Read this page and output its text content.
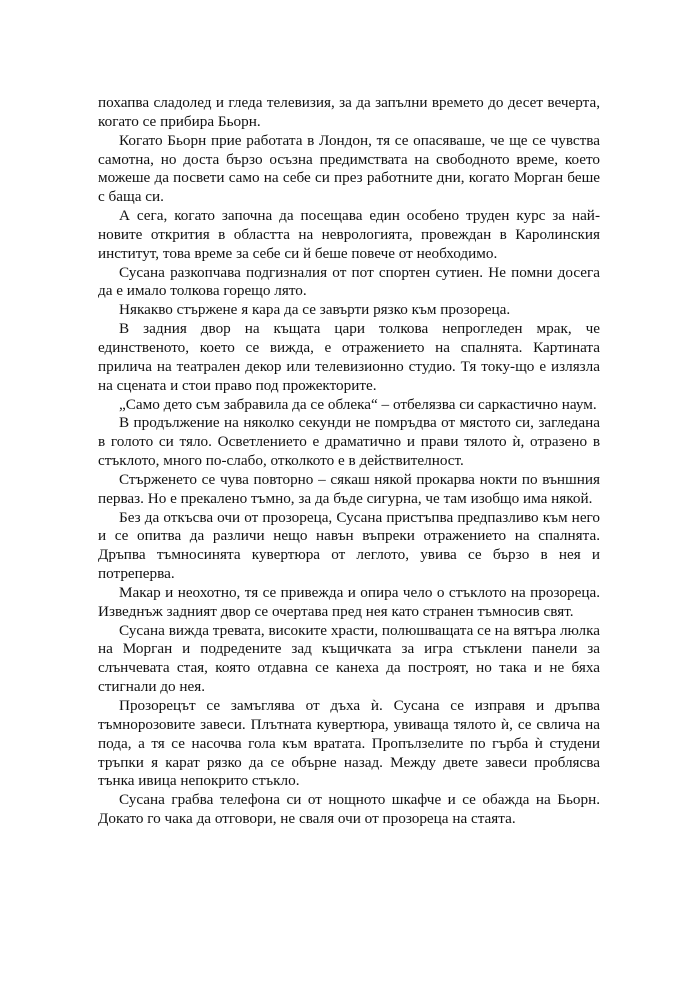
похапва сладолед и гледа телевизия, за да запълни времето до десет вечерта, когато се прибира Бьорн.

Когато Бьорн прие работата в Лондон, тя се опасяваше, че ще се чувства самотна, но доста бързо осъзна предимствата на свободното време, което можеше да посвети само на себе си през работните дни, когато Морган беше с баща си.

А сега, когато започна да посещава един особено труден курс за най-новите открития в областта на неврологията, провеждан в Каролинския институт, това време за себе си й беше повече от необходимо.

Сусана разкопчава подгизналия от пот спортен сутиен. Не помни досега да е имало толкова горещо лято.

Някакво стържене я кара да се завърти рязко към прозореца.

В задния двор на къщата цари толкова непрогледен мрак, че единственото, което се вижда, е отражението на спалнята. Картината прилича на театрален декор или телевизионно студио. Тя току-що е излязла на сцената и стои право под прожекторите.

„Само дето съм забравила да се облека“ – отбелязва си саркастично наум.

В продължение на няколко секунди не помръдва от мястото си, загледана в голото си тяло. Осветлението е драматично и прави тялото ѝ, отразено в стъклото, много по-слабо, отколкото е в действителност.

Стърженето се чува повторно – сякаш някой прокарва нокти по външния перваз. Но е прекалено тъмно, за да бъде сигурна, че там изобщо има някой.

Без да откъсва очи от прозореца, Сусана пристъпва предпазливо към него и се опитва да различи нещо навън въпреки отражението на спалнята. Дръпва тъмносинята кувертюра от леглото, увива се бързо в нея и потреперва.

Макар и неохотно, тя се привежда и опира чело о стъклото на прозореца. Изведнъж задният двор се очертава пред нея като странен тъмносив свят.

Сусана вижда тревата, високите храсти, полюшващата се на вятъра люлка на Морган и подредените зад къщичката за игра стъклени панели за слънчевата стая, която отдавна се канеха да построят, но така и не бяха стигнали до нея.

Прозорецът се замъглява от дъха ѝ. Сусана се изправя и дръпва тъмнорозовите завеси. Плътната кувертюра, увиваща тялото ѝ, се свлича на пода, а тя се насочва гола към вратата. Пропълзелите по гърба ѝ студени тръпки я карат рязко да се обърне назад. Между двете завеси проблясва тънка ивица непокрито стъкло.

Сусана грабва телефона си от нощното шкафче и се обажда на Бьорн. Докато го чака да отговори, не сваля очи от прозореца на стаята.
